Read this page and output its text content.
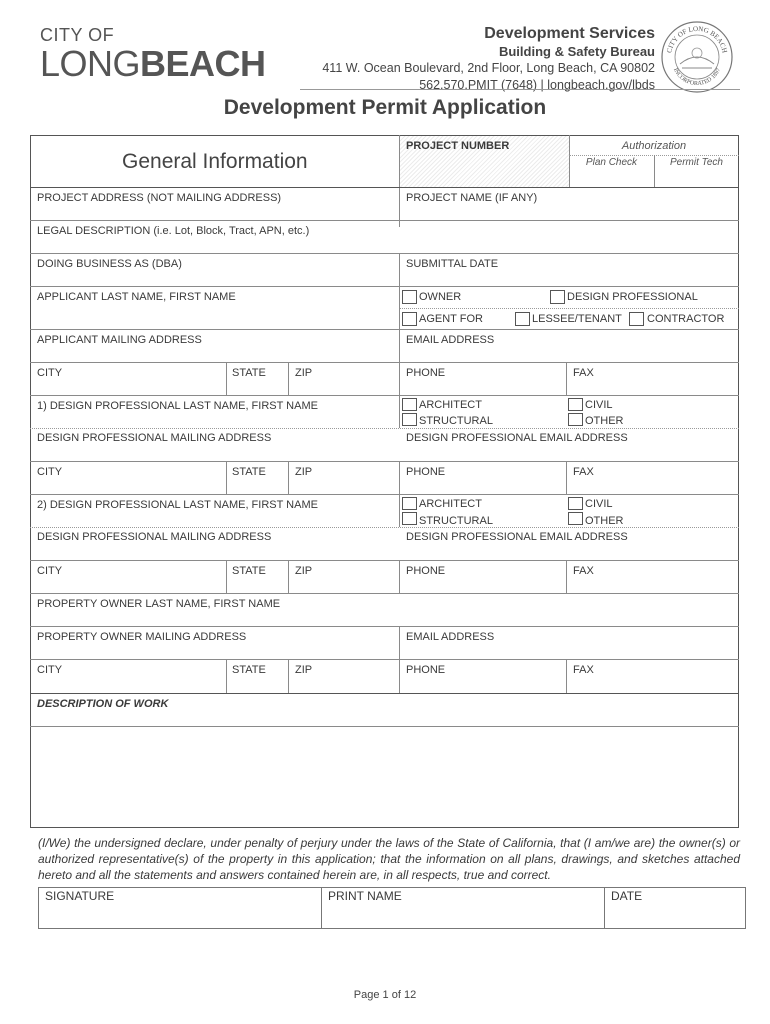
CITY OF
LONGBEACH
Development Services
Building & Safety Bureau
411 W. Ocean Boulevard, 2nd Floor, Long Beach, CA 90802
562.570.PMIT (7648) | longbeach.gov/lbds
CITY OF LONG BEACH
INCORPORATED 1897
Development Permit Application
General Information
PROJECT NUMBER	Authorization
Plan Check	Permit Tech
PROJECT ADDRESS (NOT MAILING ADDRESS)	PROJECT NAME (IF ANY)
LEGAL DESCRIPTION (i.e. Lot, Block, Tract, APN, etc.)
DOING BUSINESS AS (DBA)	SUBMITTAL DATE
APPLICANT LAST NAME, FIRST NAME	OWNER	DESIGN PROFESSIONAL
AGENT FOR	LESSEE/TENANT CONTRACTOR
APPLICANT MAILING ADDRESS	EMAIL ADDRESS
CITY	STATE	ZIP	PHONE	FAX
1) DESIGN PROFESSIONAL LAST NAME, FIRST NAME	ARCHITECT	CIVIL
STRUCTURAL	OTHER
DESIGN PROFESSIONAL MAILING ADDRESS	DESIGN PROFESSIONAL EMAIL ADDRESS
CITY	STATE	ZIP	PHONE	FAX
2) DESIGN PROFESSIONAL LAST NAME, FIRST NAME	ARCHITECT	CIVIL
STRUCTURAL	OTHER
DESIGN PROFESSIONAL MAILING ADDRESS	DESIGN PROFESSIONAL EMAIL ADDRESS
CITY	STATE	ZIP	PHONE	FAX
PROPERTY OWNER LAST NAME, FIRST NAME
PROPERTY OWNER MAILING ADDRESS	EMAIL ADDRESS
CITY	STATE	ZIP	PHONE	FAX
DESCRIPTION OF WORK
(I/We) the undersigned declare, under penalty of perjury under the laws of the State of California, that (I am/we are) the owner(s) or authorized representative(s) of the property in this application; that the information on all plans, drawings, and sketches attached hereto and all the statements and answers contained herein are, in all respects, true and correct.
SIGNATURE	PRINT NAME	DATE
Page 1 of 12
